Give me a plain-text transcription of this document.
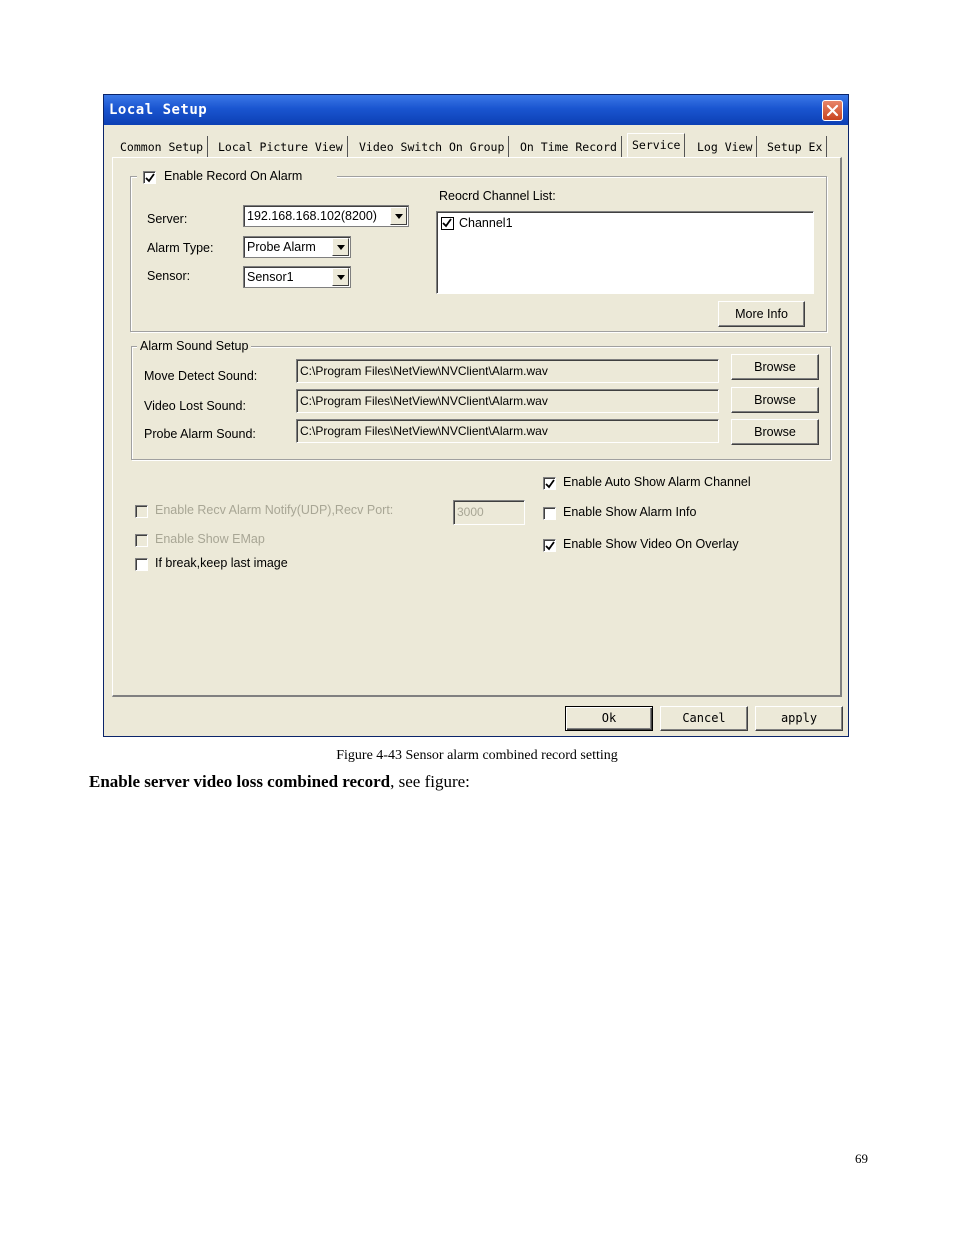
Local Setup
Common Setup	Local Picture View	Video Switch On Group	On Time Record	Service	Log View	Setup Ex
Enable Record On Alarm
Server:	192.168.168.102(8200)
Alarm Type:	Probe Alarm
Sensor:	Sensor1
Reocrd Channel List:
Channel1
More Info
Alarm Sound Setup
Move Detect Sound:	C:\Program Files\NetView\NVClient\Alarm.wav	Browse
Video Lost Sound:	C:\Program Files\NetView\NVClient\Alarm.wav	Browse
Probe Alarm Sound:	C:\Program Files\NetView\NVClient\Alarm.wav	Browse
Enable Recv Alarm Notify(UDP),Recv Port:	3000
Enable Show EMap
If break,keep last image
Enable Auto Show Alarm Channel
Enable Show Alarm Info
Enable Show Video On Overlay
Ok	Cancel	apply
Figure 4-43 Sensor alarm combined record setting
Enable server video loss combined record, see figure:
69
